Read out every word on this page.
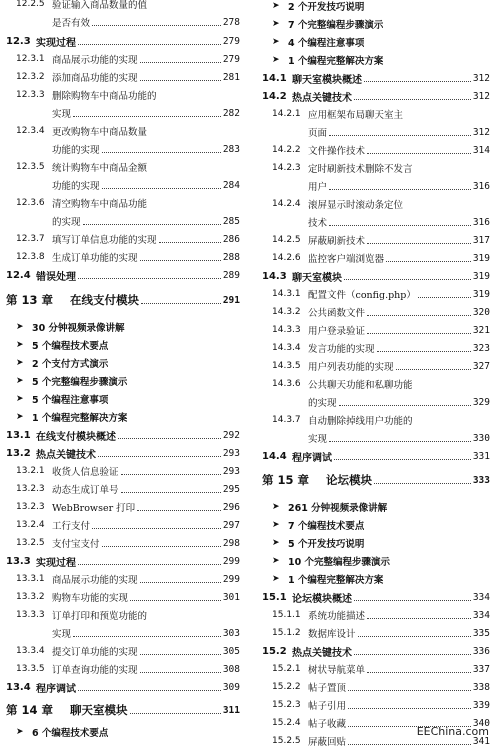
12.2.5 验证输入商品数量的值
是否有效	278
12.3 实现过程	279
12.3.1 商品展示功能的实现	279
12.3.2 添加商品功能的实现	281
12.3.3 删除购物车中商品功能的
实现	282
12.3.4 更改购物车中商品数量
功能的实现	283
12.3.5 统计购物车中商品金额
功能的实现	284
12.3.6 清空购物车中商品功能
的实现	285
12.3.7 填写订单信息功能的实现	286
12.3.8 生成订单功能的实现	288
12.4 错误处理	289
第 13 章	在线支付模块	291
➤ 30 分钟视频录像讲解
➤ 5 个编程技术要点
➤ 2 个支付方式演示
➤ 5 个完整编程步骤演示
➤ 5 个编程注意事项
➤ 1 个编程完整解决方案
13.1 在线支付模块概述	292
13.2 热点关键技术	293
13.2.1 收货人信息验证	293
13.2.3 动态生成订单号	295
13.2.3 WebBrowser 打印	296
13.2.4 工行支付	297
13.2.5 支付宝支付	298
13.3 实现过程	299
13.3.1 商品展示功能的实现	299
13.3.2 购物车功能的实现	301
13.3.3 订单打印和预览功能的
实现	303
13.3.4 提交订单功能的实现	305
13.3.5 订单查询功能的实现	308
13.4 程序调试	309
第 14 章	聊天室模块	311
➤ 6 个编程技术要点
➤ 2 个开发技巧说明
➤ 7 个完整编程步骤演示
➤ 4 个编程注意事项
➤ 1 个编程完整解决方案
14.1 聊天室模块概述	312
14.2 热点关键技术	312
14.2.1 应用框架布局聊天室主
页面	312
14.2.2 文件操作技术	314
14.2.3 定时刷新技术删除不发言
用户	316
14.2.4 滚屏显示时滚动条定位
技术	316
14.2.5 屏蔽刷新技术	317
14.2.6 监控客户端浏览器	319
14.3 聊天室模块	319
14.3.1 配置文件（config.php）	319
14.3.2 公共函数文件	320
14.3.3 用户登录验证	321
14.3.4 发言功能的实现	323
14.3.5 用户列表功能的实现	327
14.3.6 公共聊天功能和私聊功能
的实现	329
14.3.7 自动删除掉线用户功能的
实现	330
14.4 程序调试	331
第 15 章	论坛模块	333
➤ 261 分钟视频录像讲解
➤ 7 个编程技术要点
➤ 5 个开发技巧说明
➤ 10 个完整编程步骤演示
➤ 1 个编程完整解决方案
15.1 论坛模块概述	334
15.1.1 系统功能描述	334
15.1.2 数据库设计	335
15.2 热点关键技术	336
15.2.1 树状导航菜单	337
15.2.2 帖子置顶	338
15.2.3 帖子引用	339
15.2.4 帖子收藏	340
15.2.5 屏蔽回贴	341
EEChina.com
